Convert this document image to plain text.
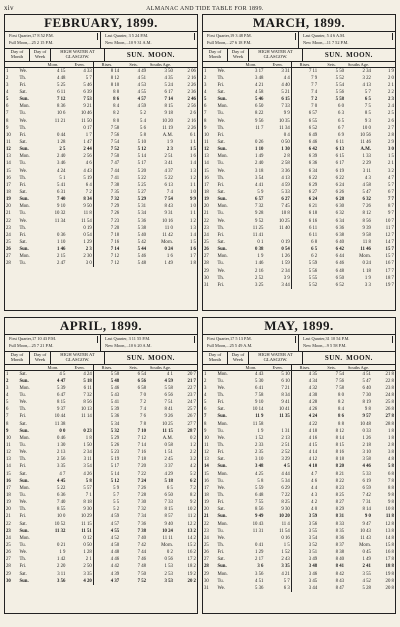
xiv	ALMANAC AND TIDE TABLE FOR 1899.
FEBRUARY, 1899.
First Quarter,17 8 52 P.M.
Full Moon,...25 2 15 P.M.
Last Quarter, 3 5 24 P.M.
New Moon,...10 9 31 A.M.
Day of Month
Day of Week
HIGH WATER AT GLASGOW.	SUN.
MOON.
		Morn.	Even.	Rises.	Sets.	Souths Age.		
1	We.	4 15	4 33	8 14	4 49	3 50	2 06	
2	Th.	4 48	5 7	8 12	4 51	4 35	2 16	
3	Fri.	5 25	5 46	8 10	4 53	5 24	2 26	
4	Sat.	6 11	6 39	8 8	4 55	6 17	2 36	
5	Sun.	7 12	7 53	8 6	4 57	7 14	2 46	
6	Mon.	8 36	9 21	8 4	4 59	8 15	2 56	
7	Tu.	10 6	10 46	8 2	5 2	9 18	2 6	
8	We.	11 21	11 50	8 0	5 4	10 20	2 16	
9	Th.		0 17	7 58	5 6	11 19	2 26	
10	Fri.	0 44	1 7	7 56	5 8	A.M.	6 1	
11	Sat.	1 28	1 47	7 54	5 10	1 9	1 1	
12	Sun.	2 5	2 44	7 52	5 12	2 3	1 5	
13	Mon.	2 40	2 56	7 50	5 14	2 51	1 6	
14	Tu.	3 46	4 6	7 47	5 17	3 41	1 4	
15	We.	4 24	4 43	7 44	5 20	4 37	1 3	
16	Th.	5 1	5 19	7 41	5 22	5 22	1 2	
17	Fri.	5 41	6 4	7 38	5 25	6 13	1 1	
18	Sat.	6 31	7 2	7 35	5 27	7 4	1 0	
19	Sun.	7 40	8 34	7 32	5 29	7 54	9 9	
20	Mon.	9 10	9 50	7 29	5 31	8 43	1 0	
21	Tu.	10 32	11 8	7 26	5 34	9 31	1 1	
22	We.	11 34	11 54	7 23	5 36	10 16	1 2	
23	Th.		0 19	7 20	5 38	11 0	1 3	
24	Fri.	0 36	0 54	7 18	5 40	11 42	1 4	
25	Sat.	1 10	1 29	7 16	5 42	Morn.	1 5	
26	Sun.	1 46	2 3	7 14	5 44	0 24	1 6	
27	Mon.	2 15	2 30	7 12	5 46	1 6	1 7	
28	Tu.	2 47	3 0	7 12	5 48	1 49	1 8	
MARCH, 1899.
First Quarter,19 3 48 P.M.
Full Moon,...27 6 18 P.M.
Last Quarter, 5 4 6 A.M.
New Moon,...11 7 52 P.M.
Day of Month
Day of Week
HIGH WATER AT GLASGOW.	SUN.
MOON.
		Morn.	Even.	Rises.	Sets.	Souths Age.		
1	We.	3 17	3 31	7 11	5 50	2 34	1 9	
2	Th.	3 48	4 4	7 9	5 52	3 22	2 0	
3	Fri.	4 21	4 40	7 7	5 54	4 13	2 1	
4	Sat.	4 58	5 21	7 4	5 56	5 7	2 2	
5	Sun.	5 46	6 15	7 2	5 58	6 5	2 3	
6	Mon.	6 50	7 33	7 0	6 0	7 5	2 4	
7	Tu.	8 22	9 9	6 57	6 3	8 5	2 5	
8	We.	9 56	10 35	6 55	6 5	9 3	2 6	
9	Th.	11 7	11 34	6 52	6 7	10 0	2 7	
10	Fri.		0 4	6 49	6 9	10 56	2 8	
11	Sat.	0 26	0 50	6 46	6 11	11 46	2 9	
12	Sun.	1 10	1 30	6 42	6 13	A.M.	3 0	
13	Mon.	1 49	2 8	6 39	6 15	1 33	1 5	
14	Tu.	2 40	2 58	6 36	6 17	2 29	2 1	
15	We.	3 18	3 36	6 34	6 19	3 11	3 2	
16	Th.	3 54	4 13	6 22	6 22	4 3	4 7	
17	Fri.	4 41	4 59	6 29	6 24	4 58	5 7	
18	Sat.	5 9	5 33	6 27	6 26	5 47	6 7	
19	Sun.	6 57	6 27	6 24	6 28	6 32	7 7	
20	Mon.	7 32	7 45	6 21	6 30	7 26	8 7	
21	Tu.	9 28	10 8	6 18	6 32	8 12	9 7	
22	We.	9 52	10 25	6 16	6 34	8 56	10 7	
23	Th.	11 25	11 40	6 11	6 36	9 39	11 7	
24	Fri.	11 41		6 11	6 38	9 58	12 7	
25	Sat.	0 1	0 19	6 8	6 40	11 8	14 7	
26	Sun.	0 38	0 54	6 5	6 42	11 46	15 7	
27	Mon.	1 9	1 26	6 2	6 44	Morn.	15 7	
28	Tu.	1 46	1 59	5 59	6 46	0 24	16 7	
29	We.	2 16	2 34	5 56	6 48	1 18	17 7	
30	Th.	2 52	3 9	5 55	6 50	1 9	18 7	
31	Fri.	3 25	3 44	5 52	6 52	3 3	19 7	
APRIL, 1899.
First Quarter,17 10 43 P.M.
Full Moon,...25 7 21 P.M.
Last Quarter, 3 11 55 P.M.
New Moon,...10 6 20 A.M.
Day of Month
Day of Week
HIGH WATER AT GLASGOW.	SUN.
MOON.
		Morn.	Even.	Rises.	Sets.	Souths Age.		
1	Sat.	4 5	4 24	5 50	6 54	4 1	20 7	
2	Sun.	4 47	5 18	5 48	6 56	4 59	21 7	
3	Mon.	5 39	6 11	5 46	6 58	5 58	22 7	
4	Tu.	6 47	7 32	5 43	7 0	6 56	23 7	
5	We.	8 15	8 56	5 41	7 2	7 51	24 7	
6	Th.	9 37	10 13	5 39	7 4	8 41	25 7	
7	Fri.	10 44	11 14	5 36	7 6	9 26	26 7	
8	Sat.	11 38		5 34	7 8	10 25	27 7	
9	Sun.	0 0	0 23	5 32	7 10	11 15	28 7	
10	Mon.	0 46	1 8	5 29	7 12	A.M.	0 2	
11	Tu.	1 30	1 50	5 26	7 14	0 58	1 2	
12	We.	2 13	2 34	5 23	7 16	1 51	2 2	
13	Th.	2 56	3 11	5 19	7 18	2 45	3 2	
14	Fri.	3 35	3 54	5 17	7 20	3 37	4 2	
15	Sat.	4 7	4 26	5 14	7 22	4 29	5 2	
16	Sun.	4 45	5 8	5 12	7 24	5 18	6 2	
17	Mon.	5 22	5 57	5 9	7 26	6 5	7 2	
18	Tu.	6 36	7 1	5 7	7 28	6 50	8 2	
19	We.	7 40	8 18	5 5	7 30	7 33	9 2	
20	Th.	8 55	9 30	5 2	7 32	8 15	10 2	
21	Fri.	10 0	10 29	4 59	7 34	8 57	11 2	
22	Sat.	10 52	11 15	4 57	7 36	9 40	12 2	
23	Sun.	11 32	11 51	4 55	7 38	10 24	13 2	
24	Mon.		0 12	4 52	7 40	11 11	14 2	
25	Tu.	0 21	0 50	4 50	7 42	Morn.	15 2	
26	We.	1 9	1 28	4 48	7 44	0 2	16 2	
27	Th.	1 42	2 1	4 46	7 46	0 56	17 2	
28	Fri.	2 20	2 50	4 42	7 48	1 53	18 2	
29	Sat.	3 11	3 35	4 39	7 50	2 53	19 2	
30	Sun.	3 56	4 20	4 37	7 52	3 53	20 2	
MAY, 1899.
First Quarter,17 5 13 P.M.
Full Moon,...25 5 49 A.M.
Last Quarter,31 10 54 P.M.
New Moon,...9 5 58 P.M.
Day of Month
Day of Week
HIGH WATER AT GLASGOW.	SUN.
MOON.
		Morn.	Even.	Rises.	Sets.	Souths Age.		
1	Mon.	4 43	5 10	4 35	7 54	4 51	21 8	
2	Tu.	5 30	6 10	4 34	7 56	5 47	22 8	
3	We.	6 41	7 21	4 32	7 58	6 40	23 8	
4	Th.	7 58	8 34	4 30	8 0	7 30	24 8	
5	Fri.	9 10	9 41	4 28	8 2	8 19	25 8	
6	Sat.	10 14	10 41	4 26	8 4	9 8	26 8	
7	Sun.	11 9	11 35	4 24	8 6	9 57	27 8	
8	Mon.	11 58		4 22	8 8	10 48	28 8	
9	Tu.	1 9	1 31	4 18	8 12	0 33	1 8	
10	We.	1 52	2 13	4 16	8 14	1 26	1 8	
11	Th.	2 33	2 51	4 15	8 15	2 18	2 8	
12	Fri.	2 35	2 52	4 14	8 16	3 10	3 8	
13	Sat.	3 10	3 29	4 12	8 18	3 58	4 8	
14	Sun.	3 48	4 5	4 10	8 20	4 46	5 8	
15	Mon.	4 25	4 44	4 7	8 21	5 33	6 8	
16	Tu.	5 8	5 34	4 6	8 22	6 19	7 8	
17	We.	5 59	6 29	4 4	8 23	6 59	8 8	
18	Th.	6 48	7 22	4 3	8 25	7 42	9 8	
19	Fri.	7 55	8 25	4 2	8 27	7 31	9 8	
20	Sat.	8 56	9 30	4 0	8 29	8 14	10 8	
21	Sun.	9 49	10 20	3 59	8 31	9 0	11 8	
22	Mon.	10 43	11 4	3 56	8 33	9 47	12 8	
23	Tu.	11 31	11 54	3 55	8 35	10 43	13 8	
24	We.		0 16	3 54	8 36	11 43	14 8	
25	Th.	0 41	1 5	3 52	8 37	Morn.	15 8	
26	Fri.	1 29	1 52	3 51	8 38	0 45	16 8	
27	Sat.	2 17	2 43	3 49	8 40	1 49	17 8	
28	Sun.	3 6	3 35	3 48	8 41	2 41	18 8	
29	Mon.	3 56	4 21	3 46	8 42	3 55	19 8	
30	Tu.	4 51	5 7	3 45	8 43	4 52	20 8	
31	We.	5 36	6 3	3 44	8 47	5 28	20 8	
